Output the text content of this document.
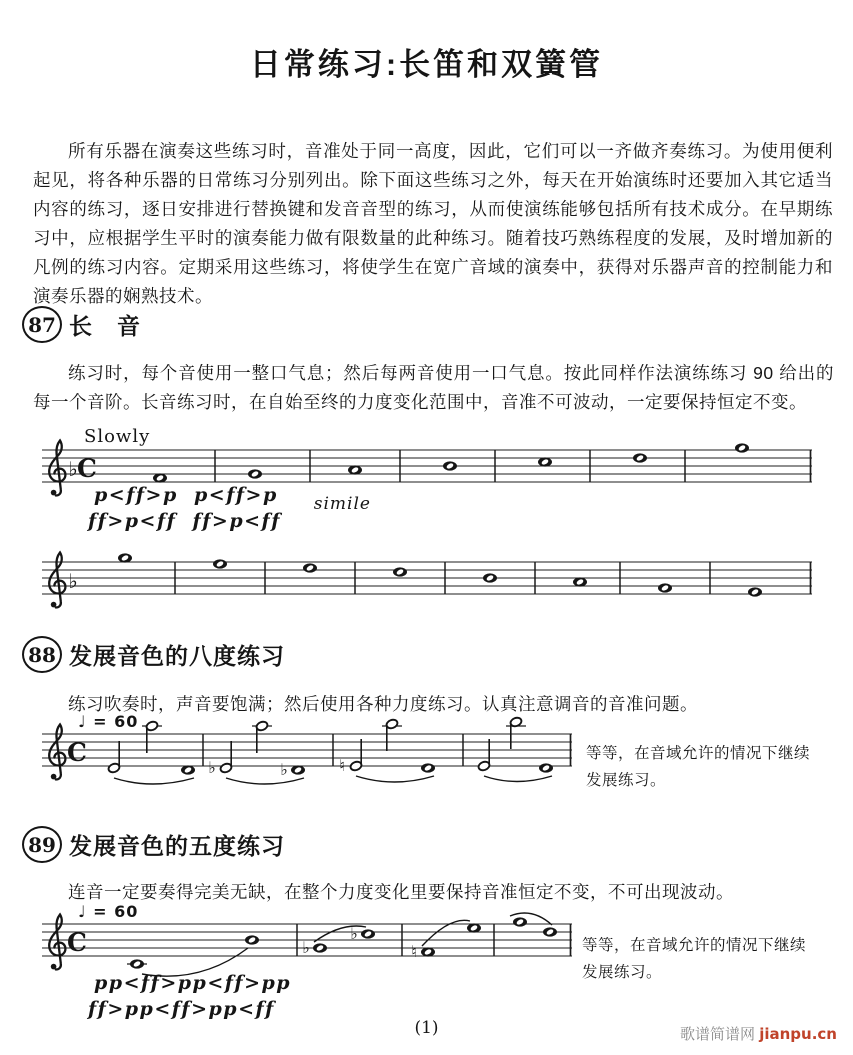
日常练习:长笛和双簧管

所有乐器在演奏这些练习时，音准处于同一高度，因此，它们可以一齐做齐奏练习。为使用便利起见，将各种乐器的日常练习分别列出。除下面这些练习之外，每天在开始演练时还要加入其它适当内容的练习，逐日安排进行替换键和发音音型的练习，从而使演练能够包括所有技术成分。在早期练习中，应根据学生平时的演奏能力做有限数量的此种练习。随着技巧熟练程度的发展，及时增加新的凡例的练习内容。定期采用这些练习，将使学生在宽广音域的演奏中，获得对乐器声音的控制能力和演奏乐器的娴熟技术。

87 长　音

练习时，每个音使用一整口气息；然后每两音使用一口气息。按此同样作法演练练习 90 给出的每一个音阶。长音练习时，在自始至终的力度变化范围中，音准不可波动，一定要保持恒定不变。

Slowly
♭ C
p<ff>p  p<ff>p simile
ff>p<ff  ff>p<ff
♭
88 发展音色的八度练习

练习吹奏时，声音要饱满；然后使用各种力度练习。认真注意调音的音准问题。

♩ = 60
C
♭	♭	♮
等等，在音域允许的情况下继续
发展练习。
89 发展音色的五度练习

连音一定要奏得完美无缺，在整个力度变化里要保持音准恒定不变，不可出现波动。

♩ = 60
C	♭
♭
♮	等等，在音域允许的情况下继续
发展练习。
pp<ff>pp<ff>pp
ff>pp<ff>pp<ff
(1)	歌谱简谱网 jianpu.cn
